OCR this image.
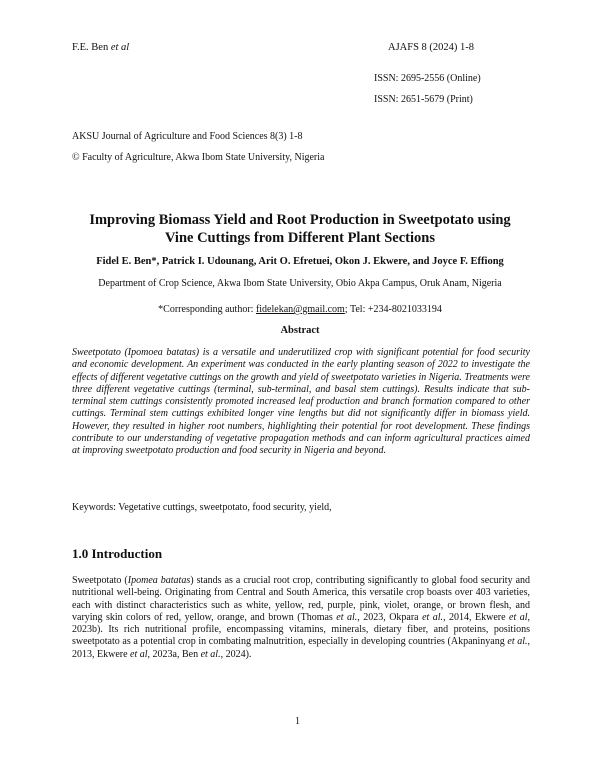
F.E. Ben et al	AJAFS 8 (2024) 1-8
ISSN: 2695-2556 (Online)
ISSN: 2651-5679 (Print)
AKSU Journal of Agriculture and Food Sciences 8(3) 1-8
© Faculty of Agriculture, Akwa Ibom State University, Nigeria
Improving Biomass Yield and Root Production in Sweetpotato using
Vine Cuttings from Different Plant Sections
Fidel E. Ben*, Patrick I. Udounang, Arit O. Efretuei, Okon J. Ekwere, and Joyce F. Effiong
Department of Crop Science, Akwa Ibom State University, Obio Akpa Campus, Oruk Anam, Nigeria
*Corresponding author: fidelekan@gmail.com; Tel: +234-8021033194
Abstract
Sweetpotato (Ipomoea batatas) is a versatile and underutilized crop with significant potential for food security and economic development. An experiment was conducted in the early planting season of 2022 to investigate the effects of different vegetative cuttings on the growth and yield of sweetpotato varieties in Nigeria. Treatments were three different vegetative cuttings (terminal, sub-terminal, and basal stem cuttings). Results indicate that sub-terminal stem cuttings consistently promoted increased leaf production and branch formation compared to other cuttings. Terminal stem cuttings exhibited longer vine lengths but did not significantly differ in biomass yield. However, they resulted in higher root numbers, highlighting their potential for root development. These findings contribute to our understanding of vegetative propagation methods and can inform agricultural practices aimed at improving sweetpotato production and food security in Nigeria and beyond.
Keywords: Vegetative cuttings, sweetpotato, food security, yield,
1.0 Introduction
Sweetpotato (Ipomea batatas) stands as a crucial root crop, contributing significantly to global food security and nutritional well-being. Originating from Central and South America, this versatile crop boasts over 403 varieties, each with distinct characteristics such as white, yellow, red, purple, pink, violet, orange, or brown flesh, and varying skin colors of red, yellow, orange, and brown (Thomas et al., 2023, Okpara et al., 2014, Ekwere et al, 2023b). Its rich nutritional profile, encompassing vitamins, minerals, dietary fiber, and proteins, positions sweetpotato as a potential crop in combating malnutrition, especially in developing countries (Akpaninyang et al., 2013, Ekwere et al, 2023a, Ben et al., 2024).
1
